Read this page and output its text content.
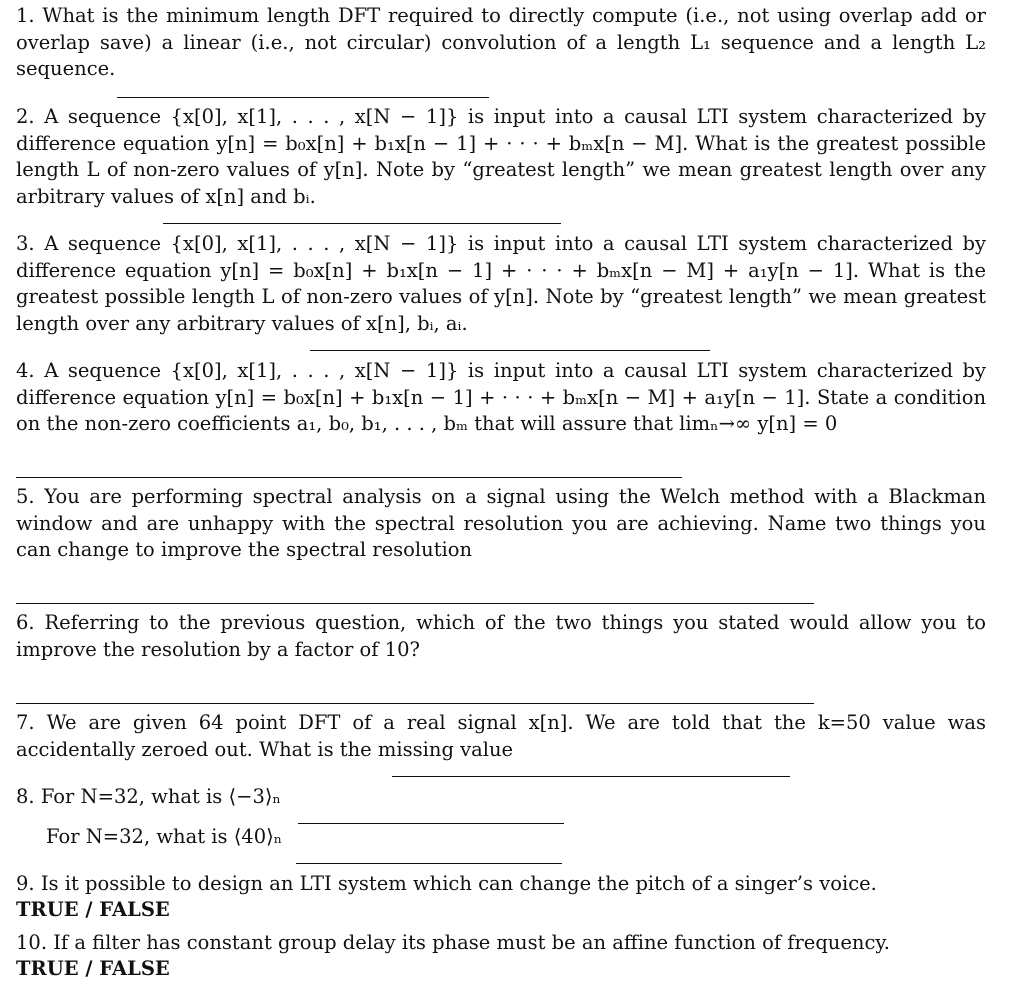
1. What is the minimum length DFT required to directly compute (i.e., not using overlap add or overlap save) a linear (i.e., not circular) convolution of a length L₁ sequence and a length L₂ sequence.

2. A sequence {x[0], x[1], . . . , x[N − 1]} is input into a causal LTI system characterized by difference equation y[n] = b₀x[n] + b₁x[n − 1] + · · · + bₘx[n − M]. What is the greatest possible length L of non-zero values of y[n]. Note by “greatest length” we mean greatest length over any arbitrary values of x[n] and bᵢ.

3. A sequence {x[0], x[1], . . . , x[N − 1]} is input into a causal LTI system characterized by difference equation y[n] = b₀x[n] + b₁x[n − 1] + · · · + bₘx[n − M] + a₁y[n − 1]. What is the greatest possible length L of non-zero values of y[n]. Note by “greatest length” we mean greatest length over any arbitrary values of x[n], bᵢ, aᵢ.

4. A sequence {x[0], x[1], . . . , x[N − 1]} is input into a causal LTI system characterized by difference equation y[n] = b₀x[n] + b₁x[n − 1] + · · · + bₘx[n − M] + a₁y[n − 1]. State a condition on the non-zero coefficients a₁, b₀, b₁, . . . , bₘ that will assure that limₙ→∞ y[n] = 0

5. You are performing spectral analysis on a signal using the Welch method with a Blackman window and are unhappy with the spectral resolution you are achieving. Name two things you can change to improve the spectral resolution

6. Referring to the previous question, which of the two things you stated would allow you to improve the resolution by a factor of 10?

7. We are given 64 point DFT of a real signal x[n]. We are told that the k=50 value was accidentally zeroed out. What is the missing value

8. For N=32, what is ⟨−3⟩ₙ

For N=32, what is ⟨40⟩ₙ

9. Is it possible to design an LTI system which can change the pitch of a singer’s voice.

TRUE / FALSE

10. If a filter has constant group delay its phase must be an affine function of frequency.

TRUE / FALSE
